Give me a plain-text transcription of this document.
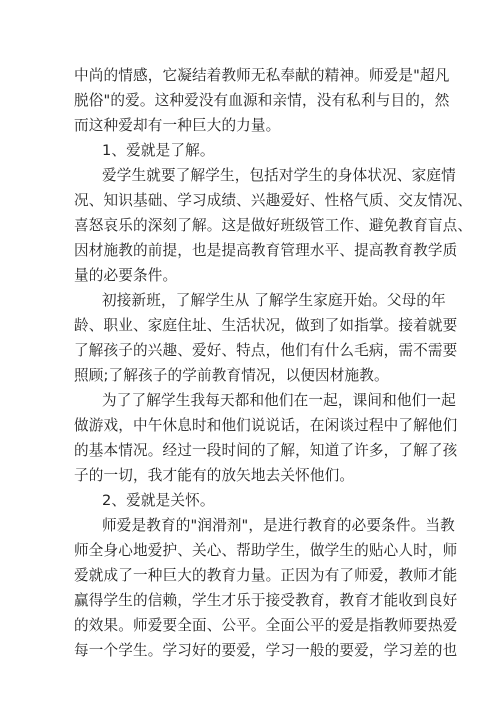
中尚的情感，它凝结着教师无私奉献的精神。师爱是"超凡
脱俗"的爱。这种爱没有血源和亲情，没有私利与目的，然
而这种爱却有一种巨大的力量。
1、爱就是了解。
爱学生就要了解学生，包括对学生的身体状况、家庭情
况、知识基础、学习成绩、兴趣爱好、性格气质、交友情况、
喜怒哀乐的深刻了解。这是做好班级管工作、避免教育盲点、
因材施教的前提，也是提高教育管理水平、提高教育教学质
量的必要条件。
初接新班，了解学生从 了解学生家庭开始。父母的年
龄、职业、家庭住址、生活状况，做到了如指掌。接着就要
了解孩子的兴趣、爱好、特点，他们有什么毛病，需不需要
照顾;了解孩子的学前教育情况，以便因材施教。
为了了解学生我每天都和他们在一起，课间和他们一起
做游戏，中午休息时和他们说说话，在闲谈过程中了解他们
的基本情况。经过一段时间的了解，知道了许多，了解了孩
子的一切，我才能有的放矢地去关怀他们。
2、爱就是关怀。
师爱是教育的"润滑剂"，是进行教育的必要条件。当教
师全身心地爱护、关心、帮助学生，做学生的贴心人时，师
爱就成了一种巨大的教育力量。正因为有了师爱，教师才能
赢得学生的信赖，学生才乐于接受教育，教育才能收到良好
的效果。师爱要全面、公平。全面公平的爱是指教师要热爱
每一个学生。学习好的要爱，学习一般的要爱，学习差的也
